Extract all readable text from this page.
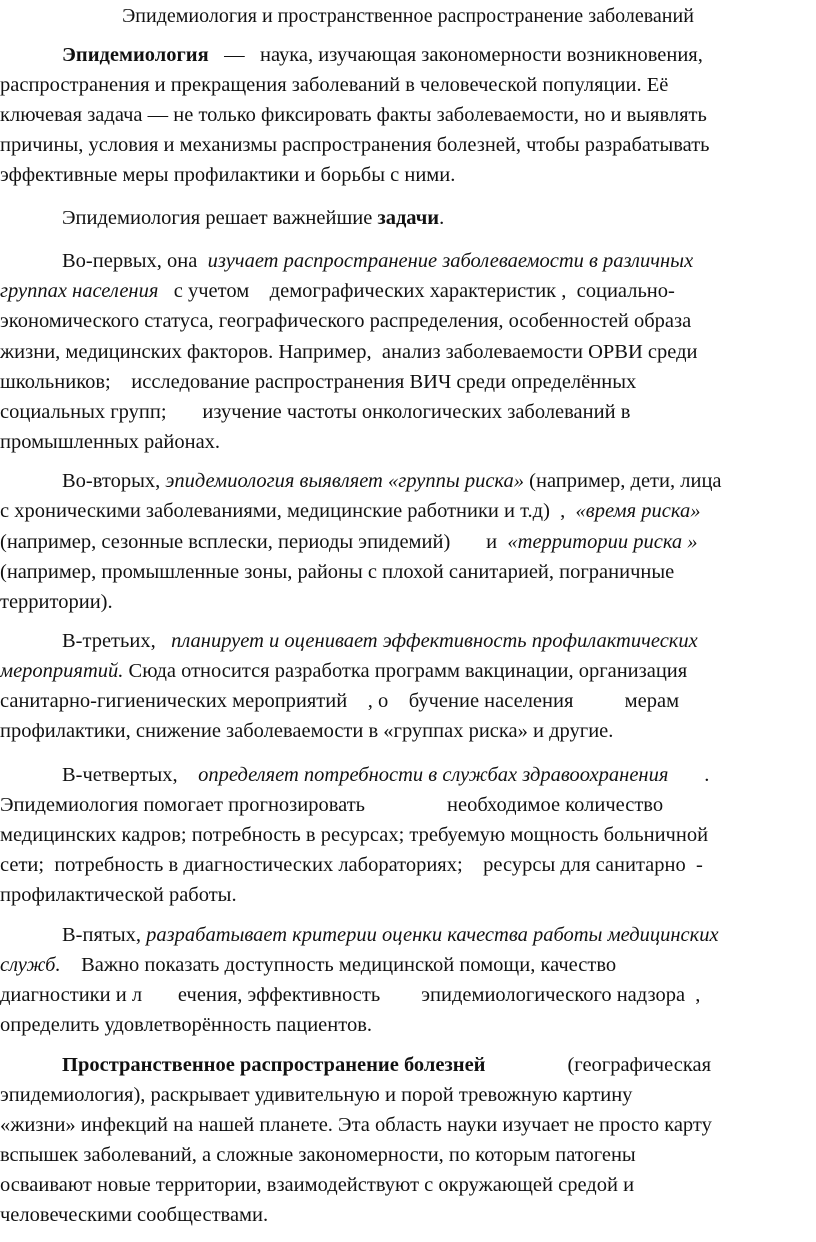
Эпидемиология и пространственное распространение заболеваний
Эпидемиология   —   наука, изучающая закономерности возникновения,
распространения и прекращения заболеваний в человеческой популяции. Её
ключевая задача — не только фиксировать факты заболеваемости, но и выявлять
причины, условия и механизмы распространения болезней, чтобы разрабатывать
эффективные меры профилактики и борьбы с ними.
Эпидемиология решает важнейшие задачи.
Во-первых, она  изучает распространение заболеваемости в различных
группах населения   с учетом    демографических характеристик ,  социально-
экономического статуса, географического распределения, особенностей образа
жизни, медицинских факторов. Например,  анализ заболеваемости ОРВИ среди
школьников;    исследование распространения ВИЧ среди определённых
социальных групп;       изучение частоты онкологических заболеваний в
промышленных районах.
Во-вторых, эпидемиология выявляет «группы риска» (например, дети, лица
с хроническими заболеваниями, медицинские работники и т.д)  ,  «время риска»
(например, сезонные всплески, периоды эпидемий)       и  «территории риска »
(например, промышленные зоны, районы с плохой санитарией, пограничные
территории).
В-третьих,   планирует и оценивает эффективность профилактических
мероприятий. Сюда относится разработка программ вакцинации, организация
санитарно-гигиенических мероприятий    , о    бучение населения          мерам
профилактики, снижение заболеваемости в «группах риска» и другие.
В-четвертых,    определяет потребности в службах здравоохранения       .
Эпидемиология помогает прогнозировать                необходимое количество
медицинских кадров; потребность в ресурсах; требуемую мощность больничной
сети;  потребность в диагностических лабораториях;    ресурсы для санитарно  -
профилактической работы.
В-пятых, разрабатывает критерии оценки качества работы медицинских
служб.    Важно показать доступность медицинской помощи, качество
диагностики и л       ечения, эффективность        эпидемиологического надзора  ,
определить удовлетворённость пациентов.
Пространственное распространение болезней                (географическая
эпидемиология), раскрывает удивительную и порой тревожную картину
«жизни» инфекций на нашей планете. Эта область науки изучает не просто карту
вспышек заболеваний, а сложные закономерности, по которым патогены
осваивают новые территории, взаимодействуют с окружающей средой и
человеческими сообществами.
